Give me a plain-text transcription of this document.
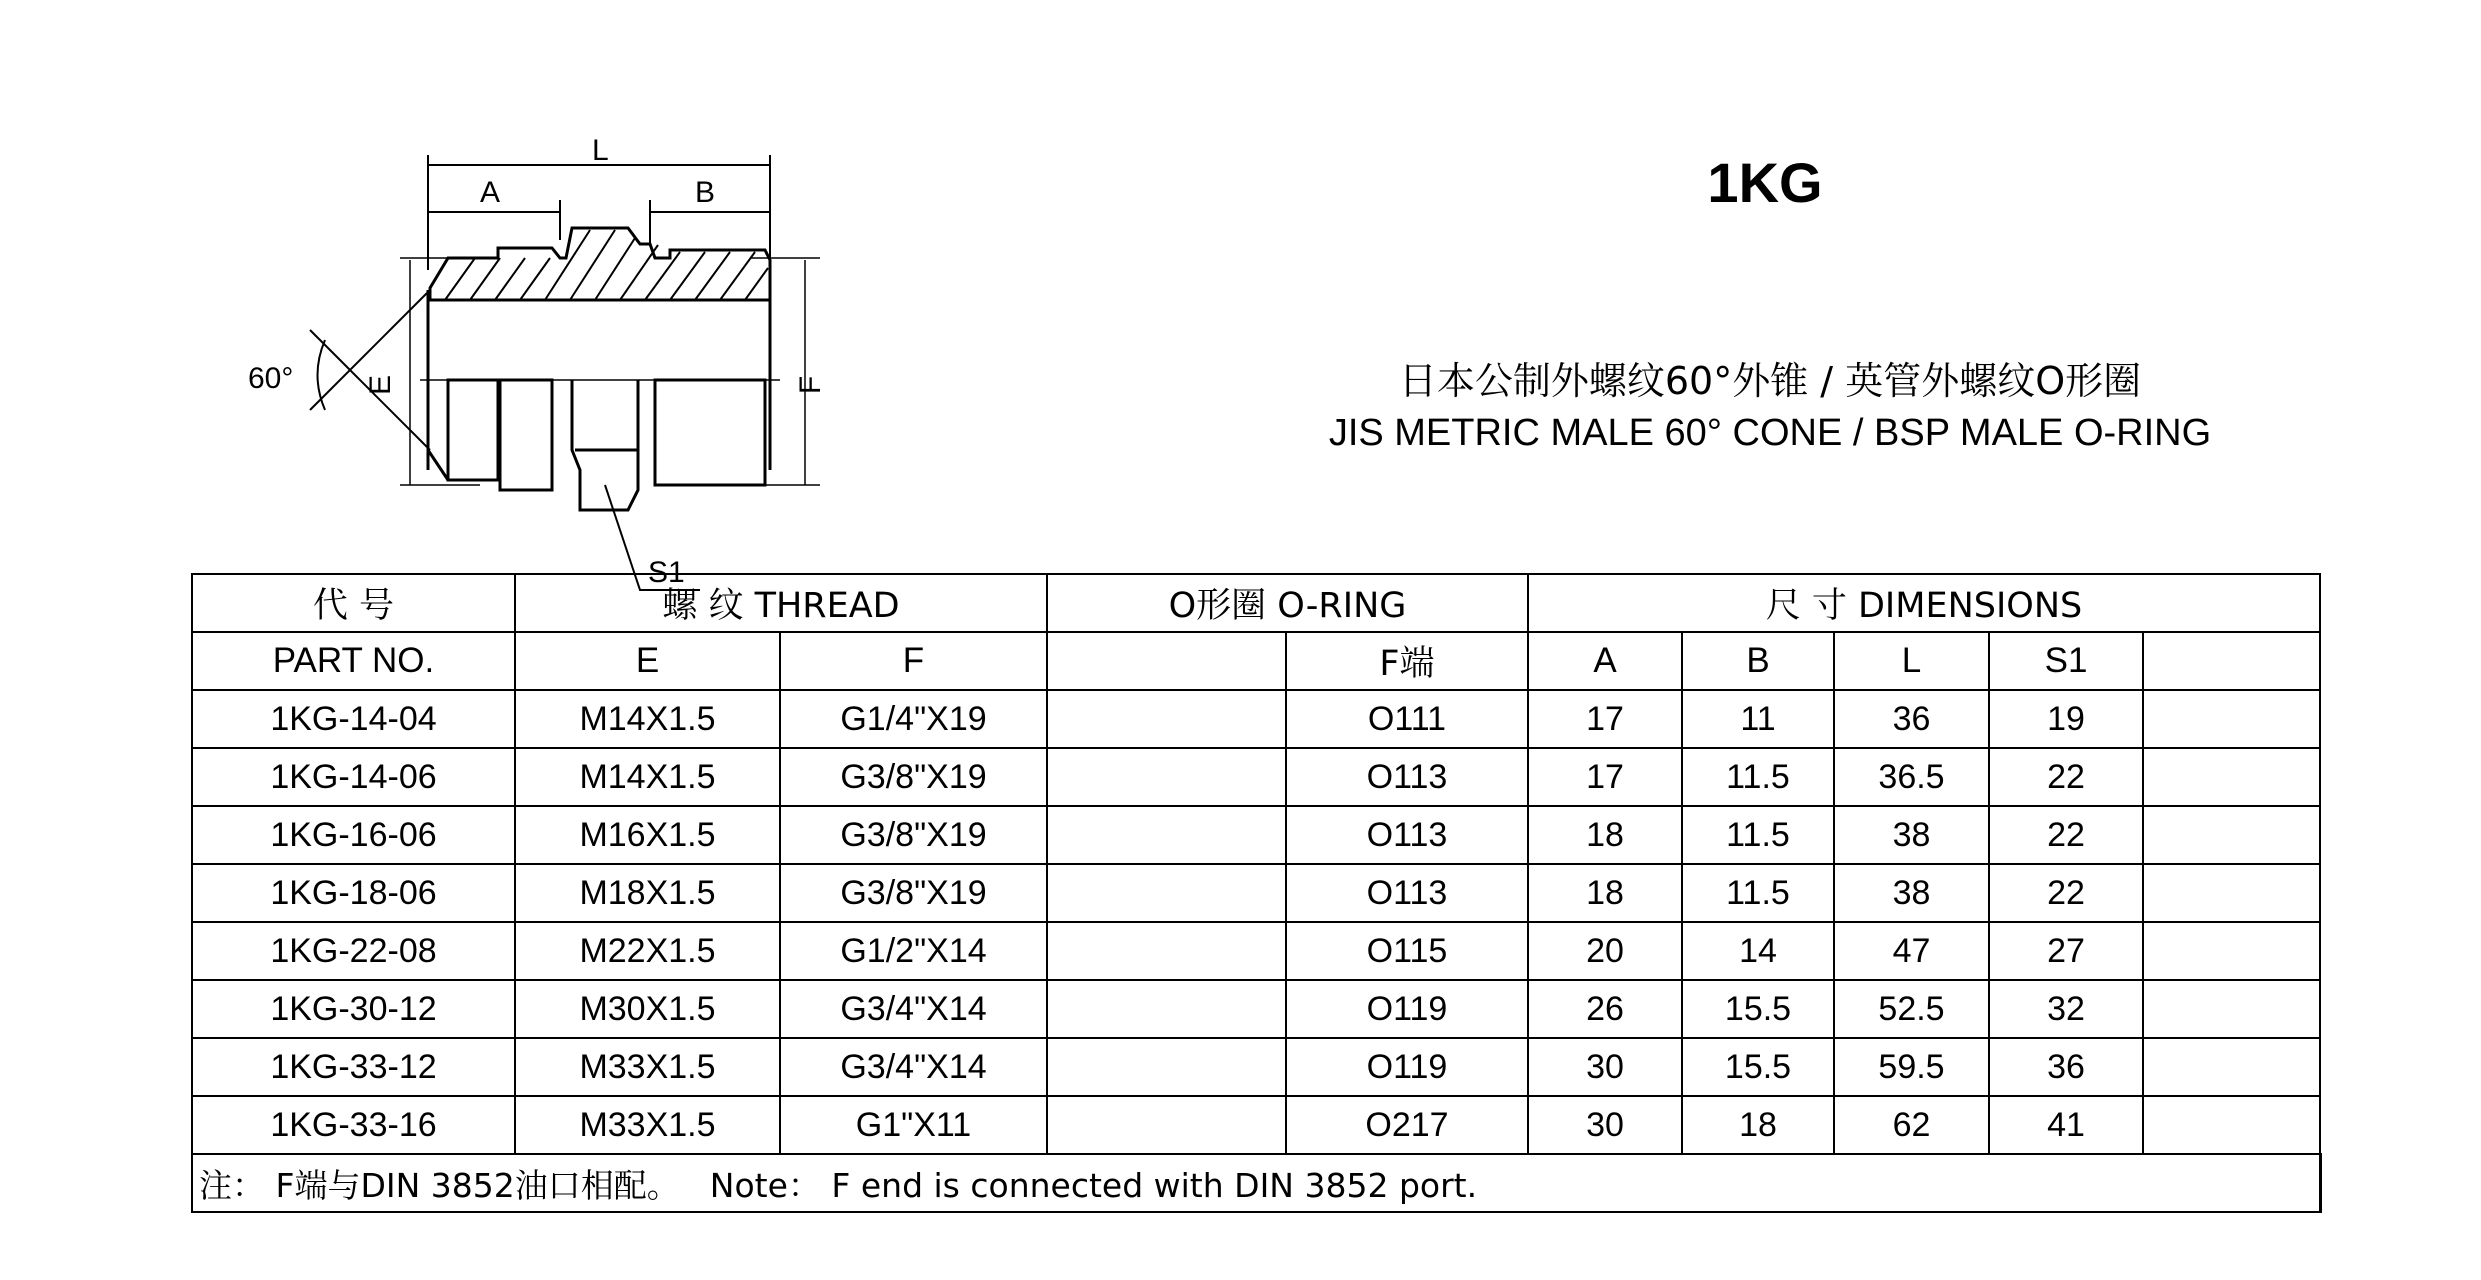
L
A	B
E	F
S1
60°
1KG
日本公制外螺纹60°外锥 / 英管外螺纹O形圈
JIS METRIC MALE 60° CONE / BSP MALE O-RING
代 号	螺 纹 THREAD		O形圈 O-RING		尺 寸 DIMENSIONS				
PART NO.	E	F		F端	A	B	L	S1	
1KG-14-04	M14X1.5	G1/4"X19		O111	17	11	36	19	
1KG-14-06	M14X1.5	G3/8"X19		O113	17	11.5	36.5	22	
1KG-16-06	M16X1.5	G3/8"X19		O113	18	11.5	38	22	
1KG-18-06	M18X1.5	G3/8"X19		O113	18	11.5	38	22	
1KG-22-08	M22X1.5	G1/2"X14		O115	20	14	47	27	
1KG-30-12	M30X1.5	G3/4"X14		O119	26	15.5	52.5	32	
1KG-33-12	M33X1.5	G3/4"X14		O119	30	15.5	59.5	36	
1KG-33-16	M33X1.5	G1"X11		O217	30	18	62	41	
注： F端与DIN 3852油口相配。 Note： F end is connected with DIN 3852 port.									
